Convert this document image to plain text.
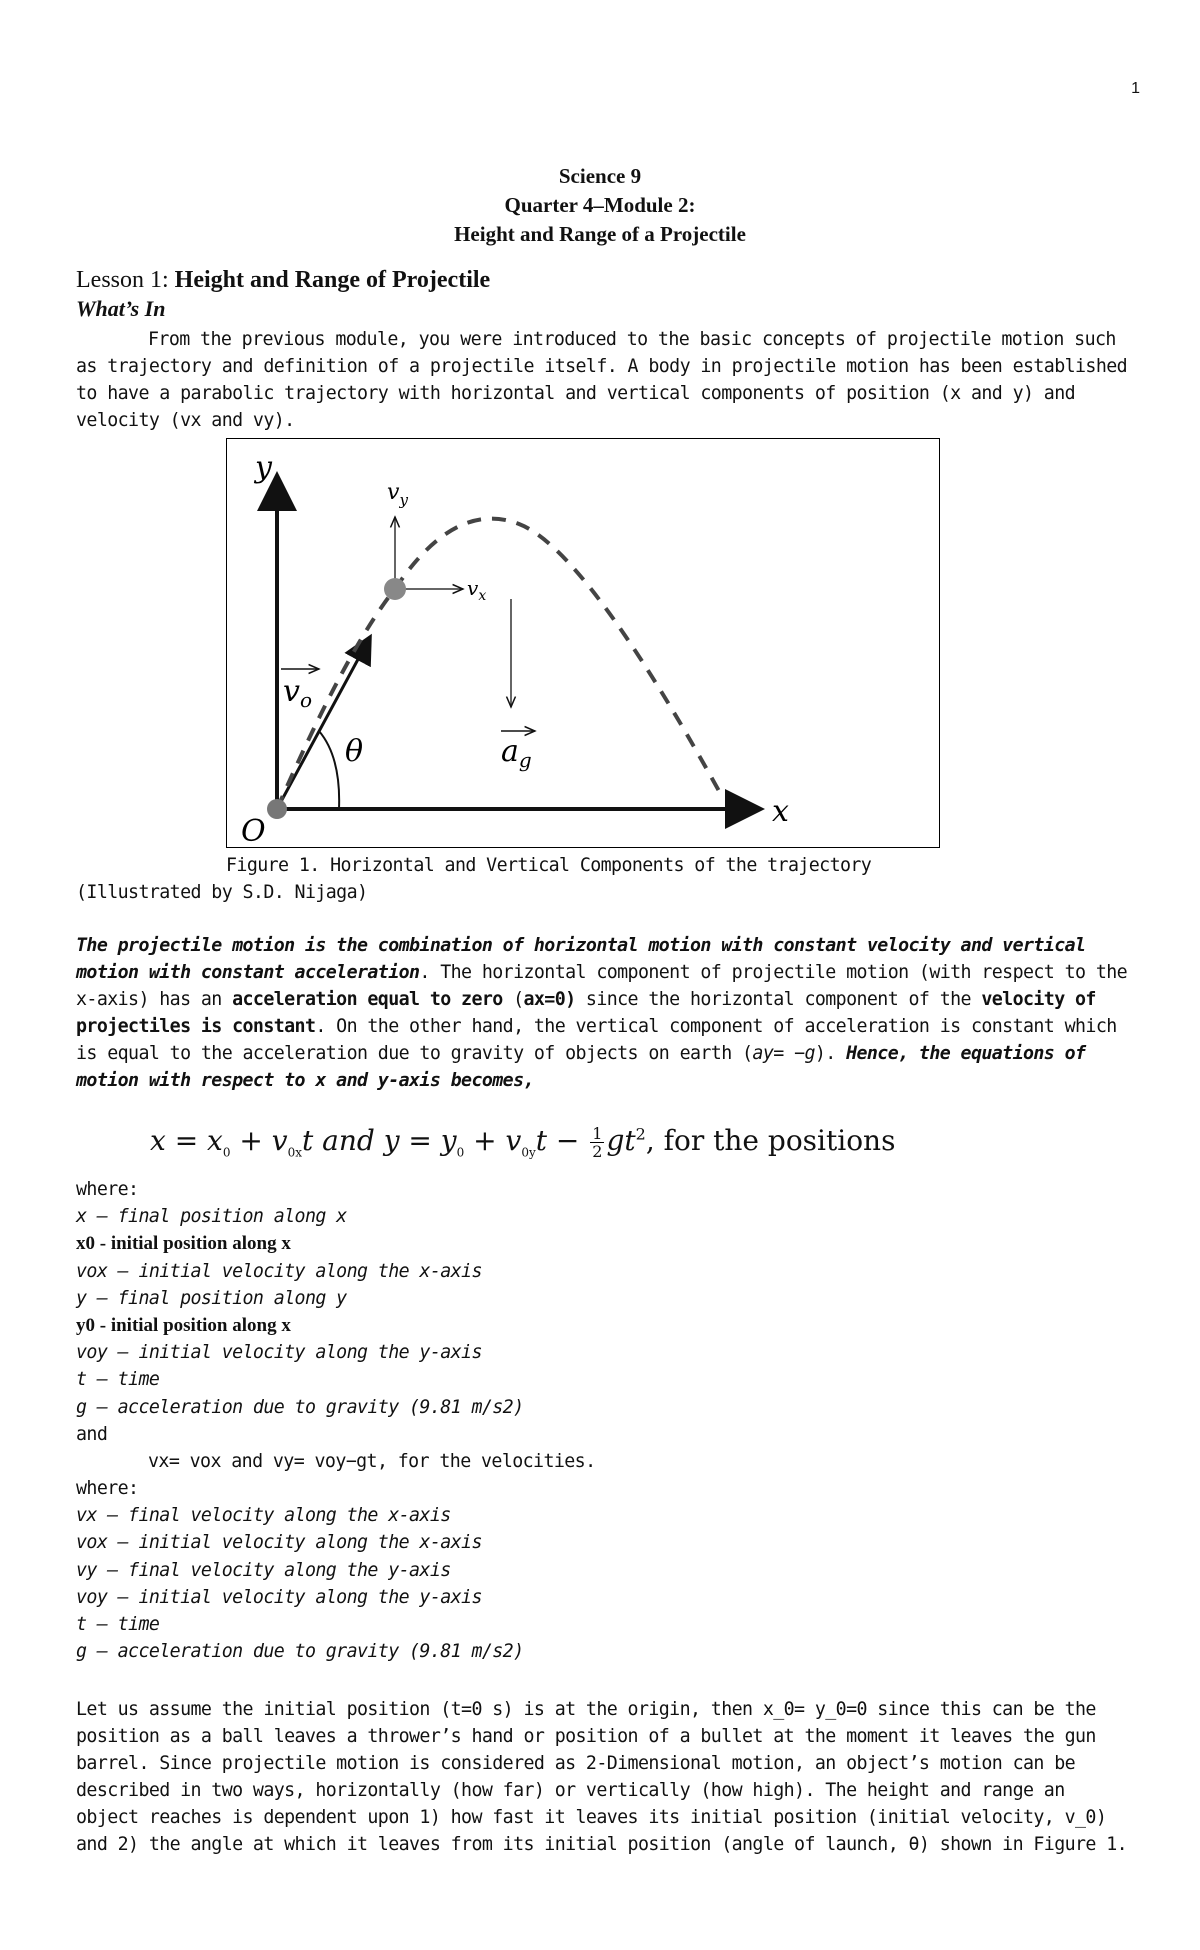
1
Science 9
Quarter 4–Module 2:
Height and Range of a Projectile
Lesson 1: Height and Range of Projectile
What’s In
From the previous module, you were introduced to the basic concepts of projectile motion such as trajectory and definition of a projectile itself. A body in projectile motion has been established to have a parabolic trajectory with horizontal and vertical components of position (x and y) and velocity (vx and vy).
y
x
O
$v_y$
$v_x$
$v_o$
θ	$a_g$
Figure 1. Horizontal and Vertical Components of the trajectory
(Illustrated by S.D. Nijaga)
The projectile motion is the combination of horizontal motion with constant velocity and vertical motion with constant acceleration. The horizontal component of projectile motion (with respect to the x-axis) has an acceleration equal to zero (ax=0) since the horizontal component of the velocity of projectiles is constant. On the other hand, the vertical component of acceleration is constant which is equal to the acceleration due to gravity of objects on earth (ay= −g). Hence, the equations of motion with respect to x and y-axis becomes,
$x = x_0 + v_{0x}t$ and $y = y_0 + v_{0y}t - \frac{1}{2} gt^2$, for the positions
where:
x – final position along x
x0 - initial position along x
vox – initial velocity along the x-axis
y – final position along y
y0 - initial position along x
voy – initial velocity along the y-axis
t – time
g – acceleration due to gravity (9.81 m/s2)
and
vx= vox and vy= voy−gt, for the velocities.
where:
vx – final velocity along the x-axis
vox – initial velocity along the x-axis
vy – final velocity along the y-axis
voy – initial velocity along the y-axis
t – time
g – acceleration due to gravity (9.81 m/s2)
Let us assume the initial position (t=0 s) is at the origin, then x_0= y_0=0 since this can be the position as a ball leaves a thrower’s hand or position of a bullet at the moment it leaves the gun barrel. Since projectile motion is considered as 2-Dimensional motion, an object’s motion can be described in two ways, horizontally (how far) or vertically (how high). The height and range an object reaches is dependent upon 1) how fast it leaves its initial position (initial velocity, v_0) and 2) the angle at which it leaves from its initial position (angle of launch, θ) shown in Figure 1.
